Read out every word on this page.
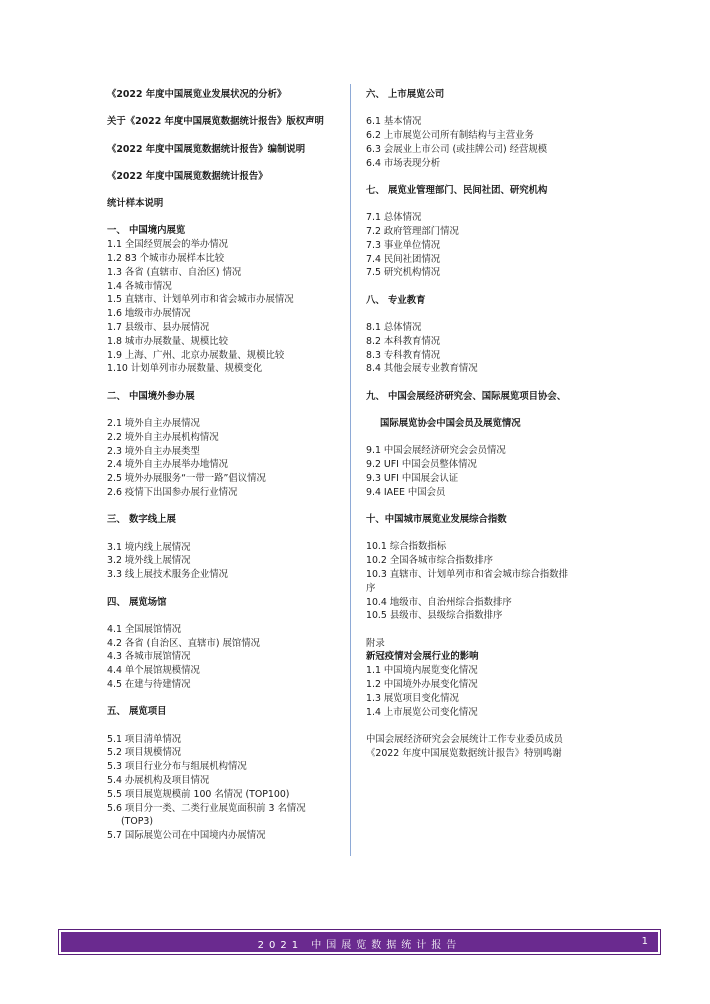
《2022 年度中国展览业发展状况的分析》
关于《2022 年度中国展览数据统计报告》版权声明
《2022 年度中国展览数据统计报告》编制说明
《2022 年度中国展览数据统计报告》
统计样本说明
一、 中国境内展览
1.1 全国经贸展会的举办情况
1.2 83 个城市办展样本比较
1.3 各省 (直辖市、自治区) 情况
1.4 各城市情况
1.5 直辖市、计划单列市和省会城市办展情况
1.6 地级市办展情况
1.7 县级市、县办展情况
1.8 城市办展数量、规模比较
1.9 上海、广州、北京办展数量、规模比较
1.10 计划单列市办展数量、规模变化
二、 中国境外参办展
2.1 境外自主办展情况
2.2 境外自主办展机构情况
2.3 境外自主办展类型
2.4 境外自主办展举办地情况
2.5 境外办展服务“一带一路”倡议情况
2.6 疫情下出国参办展行业情况
三、 数字线上展
3.1 境内线上展情况
3.2 境外线上展情况
3.3 线上展技术服务企业情况
四、 展览场馆
4.1 全国展馆情况
4.2 各省 (自治区、直辖市) 展馆情况
4.3 各城市展馆情况
4.4 单个展馆规模情况
4.5 在建与待建情况
五、 展览项目
5.1 项目清单情况
5.2 项目规模情况
5.3 项目行业分布与组展机构情况
5.4 办展机构及项目情况
5.5 项目展览规模前 100 名情况 (TOP100)
5.6 项目分一类、二类行业展览面积前 3 名情况
(TOP3)
5.7 国际展览公司在中国境内办展情况
六、 上市展览公司
6.1 基本情况
6.2 上市展览公司所有制结构与主营业务
6.3 会展业上市公司 (或挂牌公司) 经营规模
6.4 市场表现分析
七、 展览业管理部门、民间社团、研究机构
7.1 总体情况
7.2 政府管理部门情况
7.3 事业单位情况
7.4 民间社团情况
7.5 研究机构情况
八、 专业教育
8.1 总体情况
8.2 本科教育情况
8.3 专科教育情况
8.4 其他会展专业教育情况
九、 中国会展经济研究会、国际展览项目协会、
国际展览协会中国会员及展览情况
9.1 中国会展经济研究会会员情况
9.2 UFI 中国会员整体情况
9.3 UFI 中国展会认证
9.4 IAEE 中国会员
十、中国城市展览业发展综合指数
10.1 综合指数指标
10.2 全国各城市综合指数排序
10.3 直辖市、计划单列市和省会城市综合指数排
序
10.4 地级市、自治州综合指数排序
10.5 县级市、县级综合指数排序
附录
新冠疫情对会展行业的影响
1.1 中国境内展览变化情况
1.2 中国境外办展变化情况
1.3 展览项目变化情况
1.4 上市展览公司变化情况
中国会展经济研究会会展统计工作专业委员成员
《2022 年度中国展览数据统计报告》特别鸣谢
2021 中国展览数据统计报告	1
